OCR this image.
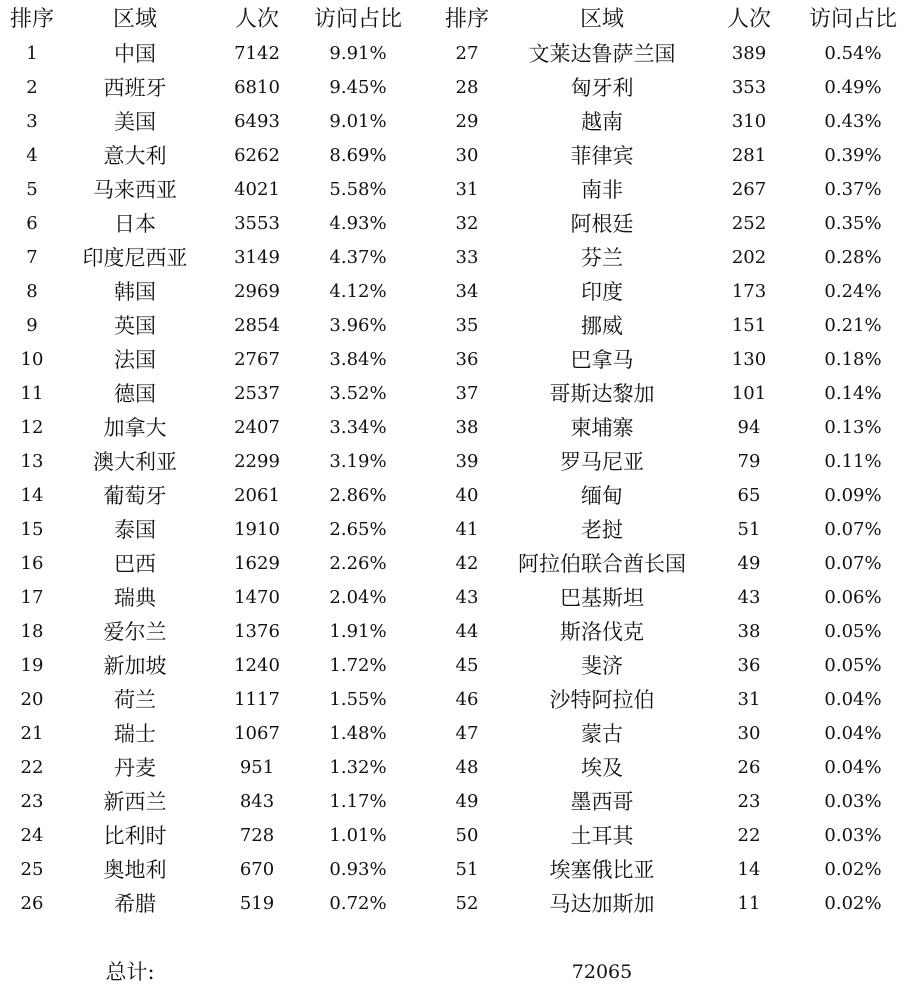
排序	区域	人次 访问占比 排序	区域	人次 访问占比
1	中国	7142	9.91%	27 文莱达鲁萨兰国	389	0.54%
2	西班牙	6810	9.45%	28	匈牙利	353	0.49%
3	美国	6493	9.01%	29	越南	310	0.43%
4	意大利	6262	8.69%	30	菲律宾	281	0.39%
5	马来西亚	4021	5.58%	31	南非	267	0.37%
6	日本	3553	4.93%	32	阿根廷	252	0.35%
7 印度尼西亚	3149	4.37%	33	芬兰	202	0.28%
8	韩国	2969	4.12%	34	印度	173	0.24%
9	英国	2854	3.96%	35	挪威	151	0.21%
10	法国	2767	3.84%	36	巴拿马	130	0.18%
11	德国	2537	3.52%	37	哥斯达黎加	101	0.14%
12	加拿大	2407	3.34%	38	柬埔寨	94	0.13%
13 澳大利亚	2299	3.19%	39	罗马尼亚	79	0.11%
14	葡萄牙	2061	2.86%	40	缅甸	65	0.09%
15	泰国	1910	2.65%	41	老挝	51	0.07%
16	巴西	1629	2.26%	42 阿拉伯联合酋长国	49	0.07%
17	瑞典	1470	2.04%	43	巴基斯坦	43	0.06%
18	爱尔兰	1376	1.91%	44	斯洛伐克	38	0.05%
19	新加坡	1240	1.72%	45	斐济	36	0.05%
20	荷兰	1117	1.55%	46	沙特阿拉伯	31	0.04%
21	瑞士	1067	1.48%	47	蒙古	30	0.04%
22	丹麦	951	1.32%	48	埃及	26	0.04%
23	新西兰	843	1.17%	49	墨西哥	23	0.03%
24	比利时	728	1.01%	50	土耳其	22	0.03%
25	奥地利	670	0.93%	51	埃塞俄比亚	14	0.02%
26	希腊	519	0.72%	52	马达加斯加	11	0.02%
总计:	72065
